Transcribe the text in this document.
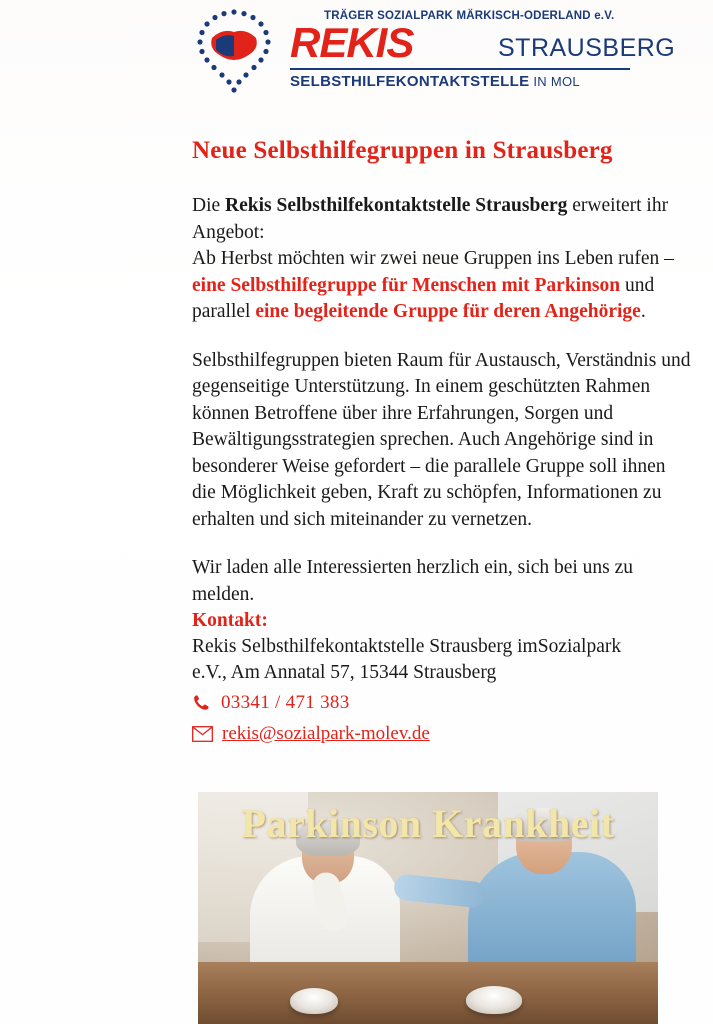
TRÄGER SOZIALPARK MÄRKISCH-ODERLAND e.V.
REKIS	STRAUSBERG
SELBSTHILFEKONTAKTSTELLE IN MOL
Neue Selbsthilfegruppen in Strausberg
Die Rekis Selbsthilfekontaktstelle Strausberg erweitert ihr Angebot:
Ab Herbst möchten wir zwei neue Gruppen ins Leben rufen – eine Selbsthilfegruppe für Menschen mit Parkinson und parallel eine begleitende Gruppe für deren Angehörige.
Selbsthilfegruppen bieten Raum für Austausch, Verständnis und gegenseitige Unterstützung. In einem geschützten Rahmen können Betroffene über ihre Erfahrungen, Sorgen und Bewältigungsstrategien sprechen. Auch Angehörige sind in besonderer Weise gefordert – die parallele Gruppe soll ihnen die Möglichkeit geben, Kraft zu schöpfen, Informationen zu erhalten und sich miteinander zu vernetzen.
Wir laden alle Interessierten herzlich ein, sich bei uns zu melden.
Kontakt:
Rekis Selbsthilfekontaktstelle Strausberg imSozialpark
e.V., Am Annatal 57, 15344 Strausberg
03341 / 471 383
rekis@sozialpark-molev.de
Parkinson Krankheit
